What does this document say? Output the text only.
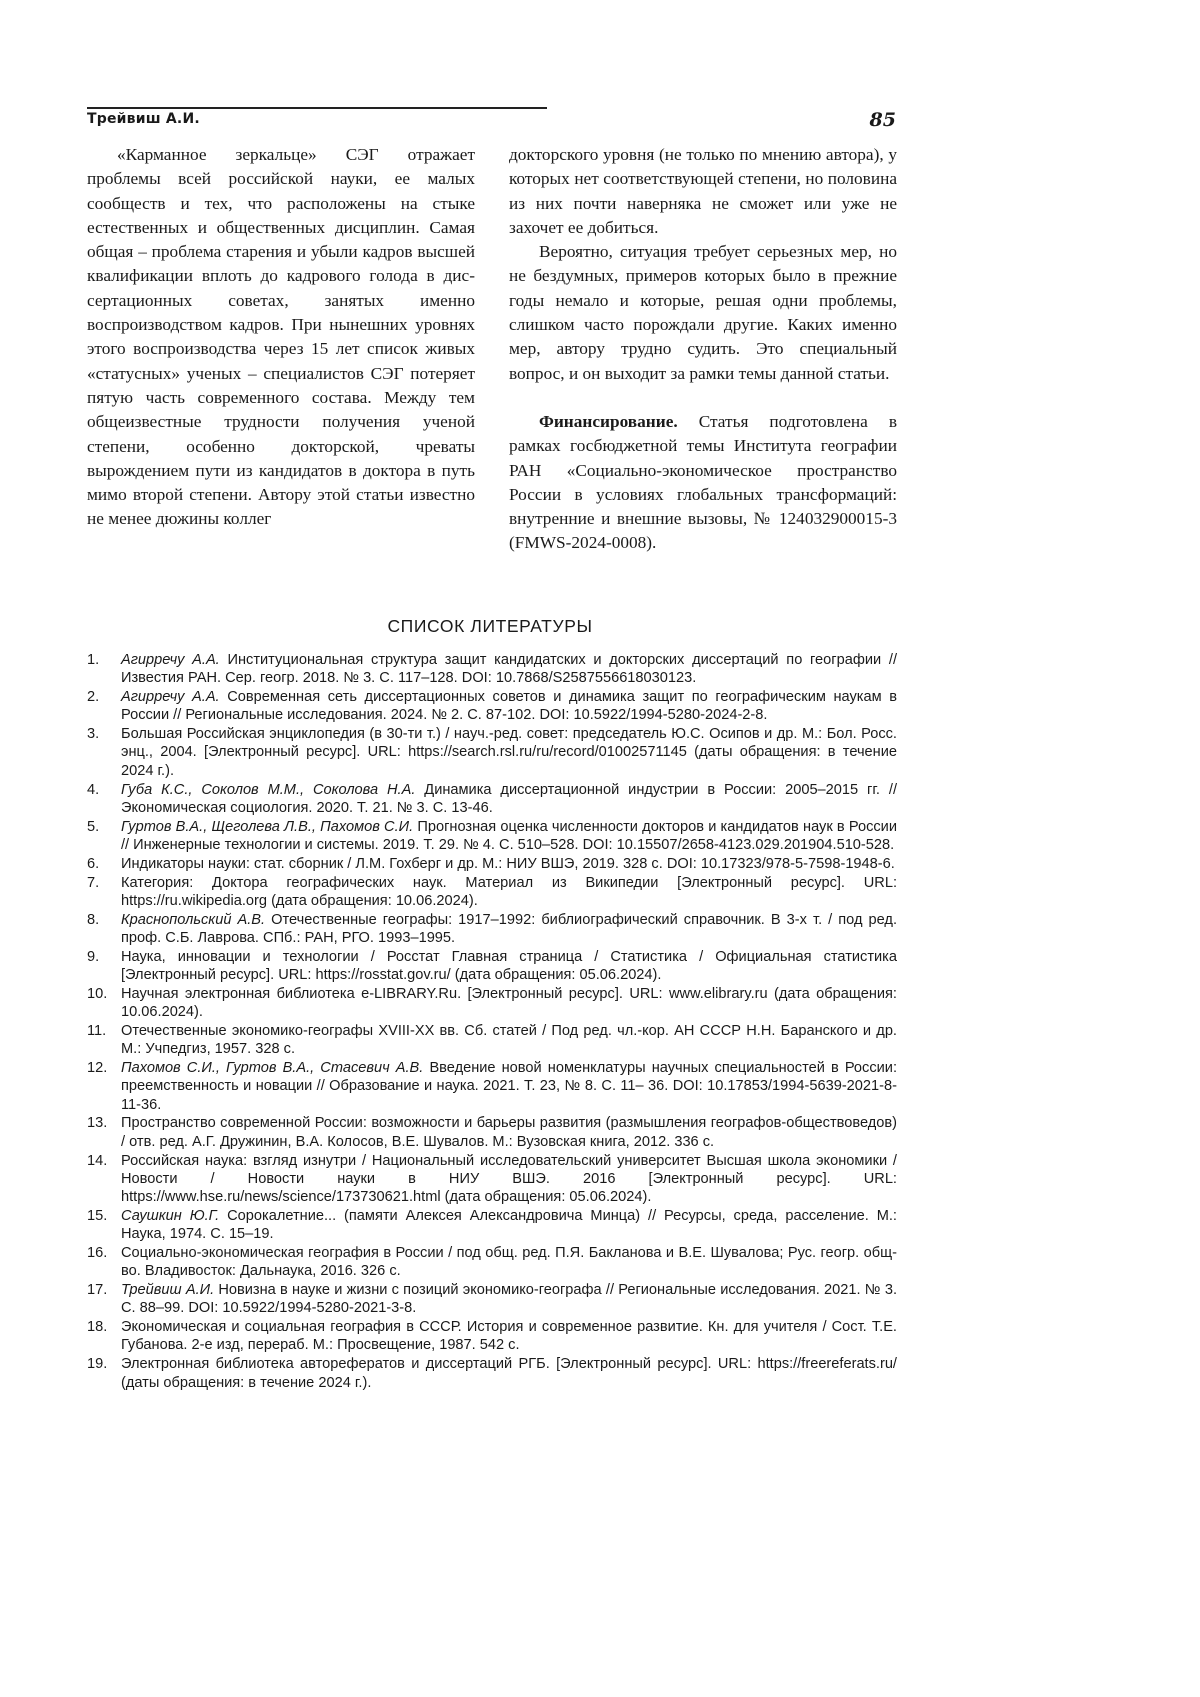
Трейвиш А.И.	85

«Карманное зеркальце» СЭГ отражает проблемы всей российской науки, ее малых сообществ и тех, что расположены на стыке естественных и общественных дисциплин. Самая общая – проблема старения и убыли кадров высшей квалификации вплоть до кадрового голода в диссертационных советах, занятых именно воспроизводством кадров. При нынешних уровнях этого воспроизводства через 15 лет список живых «статусных» ученых – специалистов СЭГ потеряет пятую часть современного состава. Между тем общеизвестные трудности получения ученой степени, особенно докторской, чреваты вырождением пути из кандидатов в доктора в путь мимо второй степени. Автору этой статьи известно не менее дюжины коллег

докторского уровня (не только по мнению автора), у которых нет соответствующей степени, но половина из них почти наверняка не сможет или уже не захочет ее добиться.

Вероятно, ситуация требует серьезных мер, но не бездумных, примеров которых было в прежние годы немало и которые, решая одни проблемы, слишком часто порождали другие. Каких именно мер, автору трудно судить. Это специальный вопрос, и он выходит за рамки темы данной статьи.

Финансирование. Статья подготовлена в рамках госбюджетной темы Института географии РАН «Социально-экономическое пространство России в условиях глобальных трансформаций: внутренние и внешние вызовы, № 124032900015-3 (FMWS-2024-0008).

СПИСОК ЛИТЕРАТУРЫ
1.	Агирречу А.А. Институциональная структура защит кандидатских и докторских диссертаций по географии // Известия РАН. Сер. геогр. 2018. № 3. С. 117–128. DOI: 10.7868/S2587556618030123.
2.	Агирречу А.А. Современная сеть диссертационных советов и динамика защит по географическим наукам в России // Региональные исследования. 2024. № 2. С. 87-102. DOI: 10.5922/1994-5280-2024-2-8.
3.	Большая Российская энциклопедия (в 30-ти т.) / науч.-ред. совет: председатель Ю.С. Осипов и др. М.: Бол. Росс. энц., 2004. [Электронный ресурс]. URL: https://search.rsl.ru/ru/record/01002571145 (даты обращения: в течение 2024 г.).
4.	Губа К.С., Соколов М.М., Соколова Н.А. Динамика диссертационной индустрии в России: 2005–2015 гг. // Экономическая социология. 2020. Т. 21. № 3. С. 13-46.
5.	Гуртов В.А., Щеголева Л.В., Пахомов С.И. Прогнозная оценка численности докторов и кандидатов наук в России // Инженерные технологии и системы. 2019. Т. 29. № 4. С. 510–528. DOI: 10.15507/2658-4123.029.201904.510-528.
6.	Индикаторы науки: стат. сборник / Л.М. Гохберг и др. М.: НИУ ВШЭ, 2019. 328 с. DOI: 10.17323/978-5-7598-1948-6.
7.	Категория: Доктора географических наук. Материал из Википедии [Электронный ресурс]. URL: https://ru.wikipedia.org (дата обращения: 10.06.2024).
8.	Краснопольский А.В. Отечественные географы: 1917–1992: библиографический справочник. В 3-х т. / под ред. проф. С.Б. Лаврова. СПб.: РАН, РГО. 1993–1995.
9.	Наука, инновации и технологии / Росстат Главная страница / Статистика / Официальная статистика [Электронный ресурс]. URL: https://rosstat.gov.ru/ (дата обращения: 05.06.2024).
10. Научная электронная библиотека e-LIBRARY.Ru. [Электронный ресурс]. URL: www.elibrary.ru (дата обращения: 10.06.2024).
11.	Отечественные экономико-географы XVIII-XX вв. Сб. статей / Под ред. чл.-кор. АН СССР Н.Н. Баранского и др. М.: Учпедгиз, 1957. 328 с.
12. Пахомов С.И., Гуртов В.А., Стасевич А.В. Введение новой номенклатуры научных специальностей в России: преемственность и новации // Образование и наука. 2021. Т. 23, № 8. С. 11– 36. DOI: 10.17853/1994-5639-2021-8-11-36.
13. Пространство современной России: возможности и барьеры развития (размышления географов-обществоведов) / отв. ред. А.Г. Дружинин, В.А. Колосов, В.Е. Шувалов. М.: Вузовская книга, 2012. 336 с.
14. Российская наука: взгляд изнутри / Национальный исследовательский университет Высшая школа экономики / Новости / Новости науки в НИУ ВШЭ. 2016 [Электронный ресурс]. URL: https://www.hse.ru/news/science/173730621.html (дата обращения: 05.06.2024).
15. Саушкин Ю.Г. Сорокалетние... (памяти Алексея Александровича Минца) // Ресурсы, среда, расселение. М.: Наука, 1974. С. 15–19.
16. Социально-экономическая география в России / под общ. ред. П.Я. Бакланова и В.Е. Шувалова; Рус. геогр. общ-во. Владивосток: Дальнаука, 2016. 326 с.
17. Трейвиш А.И. Новизна в науке и жизни с позиций экономико-географа // Региональные исследования. 2021. № 3. С. 88–99. DOI: 10.5922/1994-5280-2021-3-8.
18. Экономическая и социальная география в СССР. История и современное развитие. Кн. для учителя / Сост. Т.Е. Губанова. 2-е изд, перераб. М.: Просвещение, 1987. 542 с.
19. Электронная библиотека авторефератов и диссертаций РГБ. [Электронный ресурс]. URL: https://freereferats.ru/ (даты обращения: в течение 2024 г.).
